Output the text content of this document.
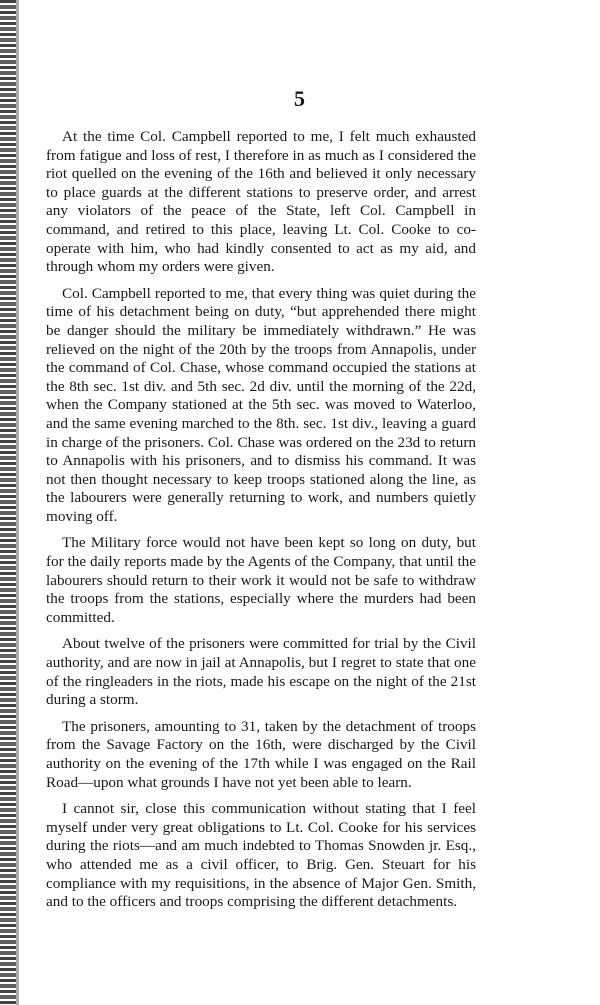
5

At the time Col. Campbell reported to me, I felt much exhausted from fatigue and loss of rest, I therefore in as much as I considered the riot quelled on the evening of the 16th and believed it only necessary to place guards at the different stations to preserve order, and arrest any violators of the peace of the State, left Col. Campbell in command, and retired to this place, leaving Lt. Col. Cooke to co-operate with him, who had kindly consented to act as my aid, and through whom my orders were given.

Col. Campbell reported to me, that every thing was quiet during the time of his detachment being on duty, “but apprehended there might be danger should the military be immediately withdrawn.” He was relieved on the night of the 20th by the troops from Annapolis, under the command of Col. Chase, whose command occupied the stations at the 8th sec. 1st div. and 5th sec. 2d div. until the morning of the 22d, when the Company stationed at the 5th sec. was moved to Waterloo, and the same evening marched to the 8th. sec. 1st div., leaving a guard in charge of the prisoners. Col. Chase was ordered on the 23d to return to Annapolis with his prisoners, and to dismiss his command. It was not then thought necessary to keep troops stationed along the line, as the labourers were generally returning to work, and numbers quietly moving off.

The Military force would not have been kept so long on duty, but for the daily reports made by the Agents of the Company, that until the labourers should return to their work it would not be safe to withdraw the troops from the stations, especially where the murders had been committed.

About twelve of the prisoners were committed for trial by the Civil authority, and are now in jail at Annapolis, but I regret to state that one of the ringleaders in the riots, made his escape on the night of the 21st during a storm.

The prisoners, amounting to 31, taken by the detachment of troops from the Savage Factory on the 16th, were discharged by the Civil authority on the evening of the 17th while I was engaged on the Rail Road—upon what grounds I have not yet been able to learn.

I cannot sir, close this communication without stating that I feel myself under very great obligations to Lt. Col. Cooke for his services during the riots—and am much indebted to Thomas Snowden jr. Esq., who attended me as a civil officer, to Brig. Gen. Steuart for his compliance with my requisitions, in the absence of Major Gen. Smith, and to the officers and troops comprising the different detachments.
